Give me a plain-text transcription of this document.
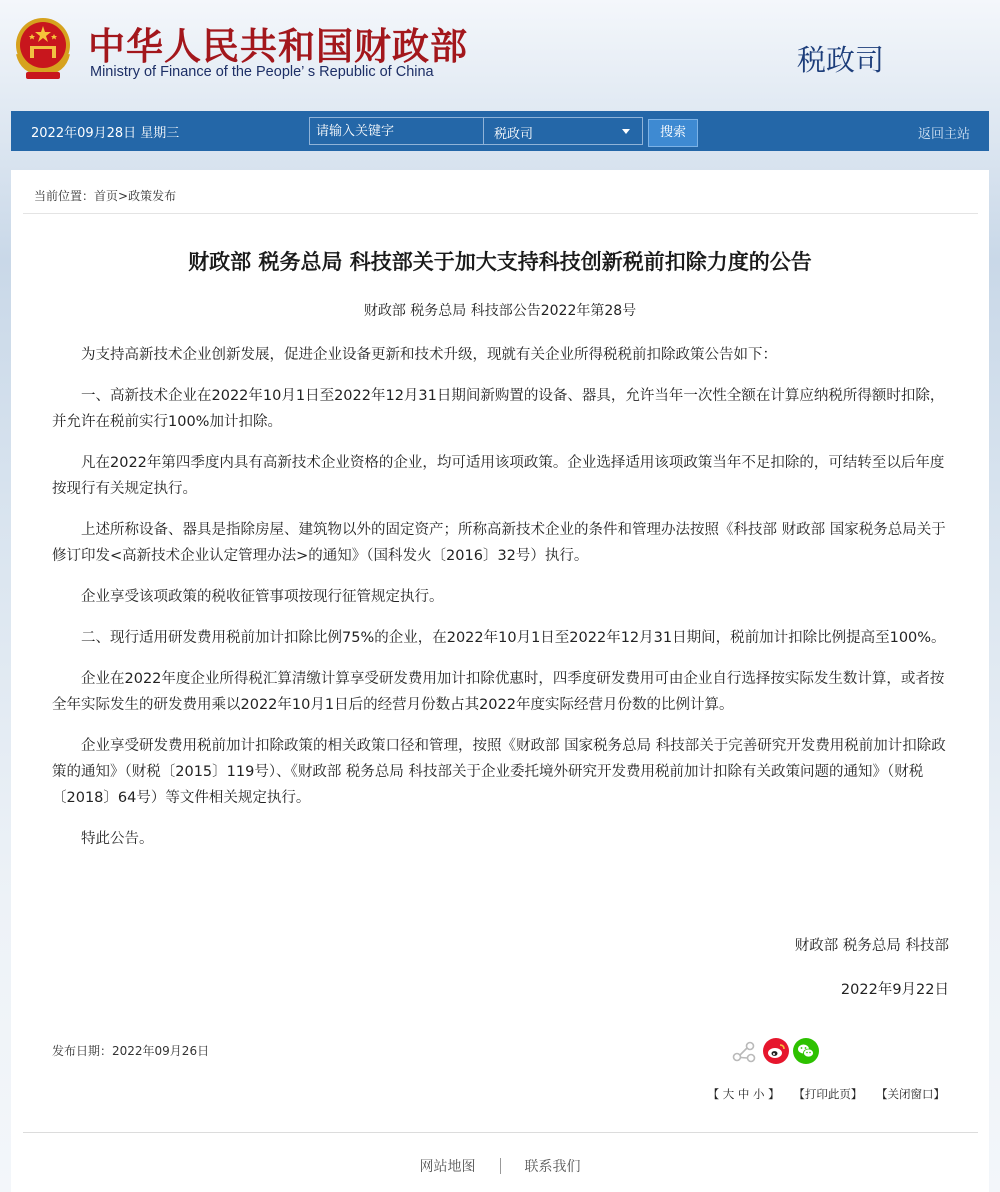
中华人民共和国财政部
Ministry of Finance of the People’ s Republic of China	税政司
2022年09月28日 星期三
请输入关键字	税政司	搜索	返回主站
当前位置：首页>政策发布
财政部 税务总局 科技部关于加大支持科技创新税前扣除力度的公告
财政部 税务总局 科技部公告2022年第28号

为支持高新技术企业创新发展，促进企业设备更新和技术升级，现就有关企业所得税税前扣除政策公告如下：

一、高新技术企业在2022年10月1日至2022年12月31日期间新购置的设备、器具，允许当年一次性全额在计算应纳税所得额时扣除，并允许在税前实行100%加计扣除。

凡在2022年第四季度内具有高新技术企业资格的企业，均可适用该项政策。企业选择适用该项政策当年不足扣除的，可结转至以后年度按现行有关规定执行。

上述所称设备、器具是指除房屋、建筑物以外的固定资产；所称高新技术企业的条件和管理办法按照《科技部 财政部 国家税务总局关于修订印发<高新技术企业认定管理办法>的通知》（国科发火〔2016〕32号）执行。

企业享受该项政策的税收征管事项按现行征管规定执行。

二、现行适用研发费用税前加计扣除比例75%的企业，在2022年10月1日至2022年12月31日期间，税前加计扣除比例提高至100%。

企业在2022年度企业所得税汇算清缴计算享受研发费用加计扣除优惠时，四季度研发费用可由企业自行选择按实际发生数计算，或者按全年实际发生的研发费用乘以2022年10月1日后的经营月份数占其2022年度实际经营月份数的比例计算。

企业享受研发费用税前加计扣除政策的相关政策口径和管理，按照《财政部 国家税务总局 科技部关于完善研究开发费用税前加计扣除政策的通知》（财税〔2015〕119号）、《财政部 税务总局 科技部关于企业委托境外研究开发费用税前加计扣除有关政策问题的通知》（财税〔2018〕64号）等文件相关规定执行。

特此公告。

财政部 税务总局 科技部
2022年9月22日
发布日期：2022年09月26日
【 大 中 小 】 【打印此页】 【关闭窗口】
网站地图	联系我们
